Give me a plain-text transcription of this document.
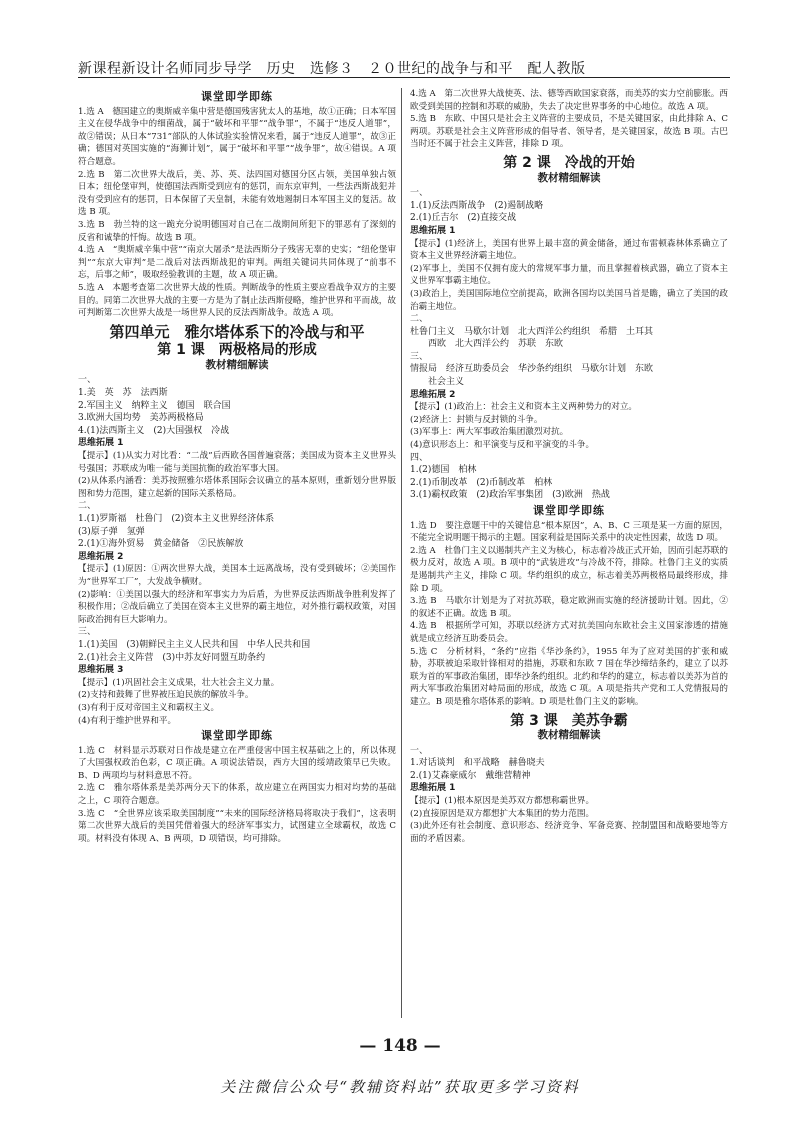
新课程新设计名师同步导学　历史　选修３　２０世纪的战争与和平　配人教版
课堂即学即练
1.选 A　德国建立的奥斯威辛集中营是德国残害犹太人的基地，故①正确；日本军国主义在侵华战争中的细菌战，属于“破坏和平罪”“战争罪”，不属于“违反人道罪”，故②错误；从日本“731”部队的人体试验实验情况来看，属于“违反人道罪”，故③正确；德国对英国实施的“海狮计划”，属于“破坏和平罪”“战争罪”，故④错误。A 项符合题意。
2.选 B　第二次世界大战后，美、苏、英、法四国对德国分区占领，美国单独占领日本；纽伦堡审判，使德国法西斯受到应有的惩罚，而东京审判，一些法西斯战犯并没有受到应有的惩罚，日本保留了天皇制，未能有效地遏制日本军国主义的复活。故选 B 项。
3.选 B　勃兰特的这一跪充分说明德国对自己在二战期间所犯下的罪恶有了深刻的反省和诚挚的忏悔。故选 B 项。
4.选 A　“奥斯威辛集中营”“南京大屠杀”是法西斯分子残害无辜的史实；“纽伦堡审判”“东京大审判”是二战后对法西斯战犯的审判。两组关键词共同体现了“前事不忘，后事之师”，吸取经验教训的主题，故 A 项正确。
5.选 A　本题考查第二次世界大战的性质。判断战争的性质主要应看战争双方的主要目的。同第二次世界大战的主要一方是为了制止法西斯侵略，维护世界和平而战，故可判断第二次世界大战是一场世界人民的反法西斯战争。故选 A 项。
第四单元　雅尔塔体系下的冷战与和平
第 1 课　两极格局的形成
教材精细解读
一、
1.美　英　苏　法西斯
2.军国主义　纳粹主义　德国　联合国
3.欧洲大国均势　美苏两极格局
4.(1)法西斯主义　(2)大国强权　冷战
思维拓展 1
【提示】(1)从实力对比看：“二战”后西欧各国普遍衰落；美国成为资本主义世界头号强国；苏联成为唯一能与美国抗衡的政治军事大国。
(2)从体系内涵看：美苏按照雅尔塔体系国际会议确立的基本原则，重新划分世界版图和势力范围，建立起新的国际关系格局。
二、
1.(1)罗斯福　杜鲁门　(2)资本主义世界经济体系
(3)原子弹　氢弹
2.(1)①海外贸易　黄金储备　②民族解放
思维拓展 2
【提示】(1)原因：①两次世界大战，美国本土远离战场，没有受到破坏；②美国作为“世界军工厂”，大发战争横财。
(2)影响：①美国以强大的经济和军事实力为后盾，为世界反法西斯战争胜利发挥了积极作用；②战后确立了美国在资本主义世界的霸主地位，对外推行霸权政策，对国际政治拥有巨大影响力。
三、
1.(1)美国　(3)朝鲜民主主义人民共和国　中华人民共和国
2.(1)社会主义阵营　(3)中苏友好同盟互助条约
思维拓展 3
【提示】(1)巩固社会主义成果，壮大社会主义力量。
(2)支持和鼓舞了世界被压迫民族的解放斗争。
(3)有利于反对帝国主义和霸权主义。
(4)有利于维护世界和平。
课堂即学即练
1.选 C　材料显示苏联对日作战是建立在严重侵害中国主权基础之上的，所以体现了大国强权政治色彩，C 项正确。A 项说法错误，西方大国的绥靖政策早已失败。B、D 两项均与材料意思不符。
2.选 C　雅尔塔体系是美苏两分天下的体系，故应建立在两国实力相对均势的基础之上，C 项符合题意。
3.选 C　“全世界应该采取美国制度”“未来的国际经济格局将取决于我们”，这表明第二次世界大战后的美国凭借着强大的经济军事实力，试图建立全球霸权，故选 C 项。材料没有体现 A、B 两项，D 项错误，均可排除。
4.选 A　第二次世界大战使英、法、德等西欧国家衰落，而美苏的实力空前膨胀。西欧受到美国的控制和苏联的威胁，失去了决定世界事务的中心地位。故选 A 项。
5.选 B　东欧、中国只是社会主义阵营的主要成员，不是关键国家，由此排除 A、C 两项。苏联是社会主义阵营形成的倡导者、领导者，是关键国家，故选 B 项。古巴当时还不属于社会主义阵营，排除 D 项。
第 2 课　冷战的开始
教材精细解读
一、
1.(1)反法西斯战争　(2)遏制战略
2.(1)丘吉尔　(2)直接交战
思维拓展 1
【提示】(1)经济上，美国有世界上最丰富的黄金储备，通过布雷顿森林体系确立了资本主义世界经济霸主地位。
(2)军事上，美国不仅拥有庞大的常规军事力量，而且掌握着核武器，确立了资本主义世界军事霸主地位。
(3)政治上，美国国际地位空前提高，欧洲各国均以美国马首是瞻，确立了美国的政治霸主地位。
二、
杜鲁门主义　马歇尔计划　北大西洋公约组织　希腊　土耳其
　　西欧　北大西洋公约　苏联　东欧
三、
情报局　经济互助委员会　华沙条约组织　马歇尔计划　东欧
　　社会主义
思维拓展 2
【提示】(1)政治上：社会主义和资本主义两种势力的对立。
(2)经济上：封锁与反封锁的斗争。
(3)军事上：两大军事政治集团激烈对抗。
(4)意识形态上：和平演变与反和平演变的斗争。
四、
1.(2)德国　柏林
2.(1)币制改革　(2)币制改革　柏林
3.(1)霸权政策　(2)政治军事集团　(3)欧洲　热战
课堂即学即练
1.选 D　要注意题干中的关键信息“根本原因”，A、B、C 三项是某一方面的原因，不能完全说明题干揭示的主题。国家利益是国际关系中的决定性因素，故选 D 项。
2.选 A　杜鲁门主义以遏制共产主义为核心，标志着冷战正式开始，因而引起苏联的极力反对，故选 A 项。B 项中的“武装进攻”与冷战不符，排除。杜鲁门主义的实质是遏制共产主义，排除 C 项。华约组织的成立，标志着美苏两极格局最终形成，排除 D 项。
3.选 B　马歇尔计划是为了对抗苏联，稳定欧洲而实施的经济援助计划。因此，②的叙述不正确。故选 B 项。
4.选 B　根据所学可知，苏联以经济方式对抗美国向东欧社会主义国家渗透的措施就是成立经济互助委员会。
5.选 C　分析材料，“条约”应指《华沙条约》，1955 年为了应对美国的扩张和威胁，苏联被迫采取针锋相对的措施，苏联和东欧 7 国在华沙缔结条约，建立了以苏联为首的军事政治集团，即华沙条约组织。北约和华约的建立，标志着以美苏为首的两大军事政治集团对峙局面的形成，故选 C 项。A 项是指共产党和工人党情报局的建立。B 项是雅尔塔体系的影响。D 项是杜鲁门主义的影响。
第 3 课　美苏争霸
教材精细解读
一、
1.对话谈判　和平战略　赫鲁晓夫
2.(1)艾森豪威尔　戴维营精神
思维拓展 1
【提示】(1)根本原因是美苏双方都想称霸世界。
(2)直接原因是双方都想扩大本集团的势力范围。
(3)此外还有社会制度、意识形态、经济竞争、军备竞赛、控制盟国和战略要地等方面的矛盾因素。
— 148 —
关注微信公众号“教辅资料站”获取更多学习资料
